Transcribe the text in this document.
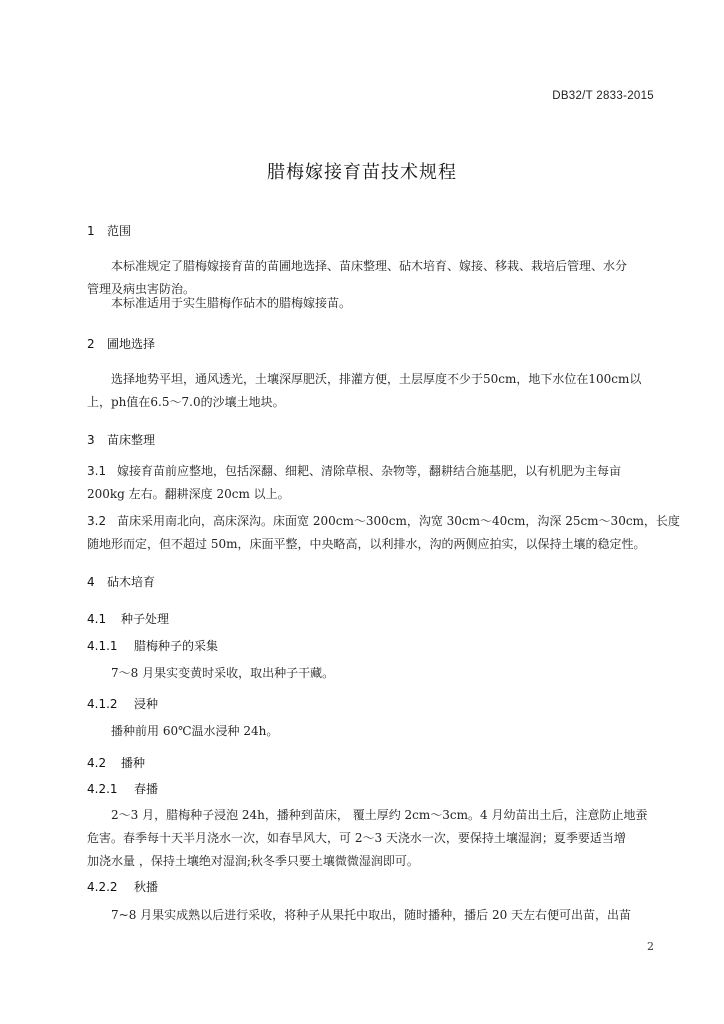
DB32/T 2833-2015
腊梅嫁接育苗技术规程
1 范围
本标准规定了腊梅嫁接育苗的苗圃地选择、苗床整理、砧木培育、嫁接、移栽、栽培后管理、水分
管理及病虫害防治。
本标准适用于实生腊梅作砧木的腊梅嫁接苗。
2 圃地选择
选择地势平坦，通风透光，土壤深厚肥沃，排灌方便，土层厚度不少于50cm，地下水位在100cm以
上，ph值在6.5～7.0的沙壤土地块。
3 苗床整理
3.1 嫁接育苗前应整地，包括深翻、细耙、清除草根、杂物等，翻耕结合施基肥，以有机肥为主每亩
200kg 左右。翻耕深度 20cm 以上。
3.2 苗床采用南北向，高床深沟。床面宽 200cm～300cm，沟宽 30cm～40cm，沟深 25cm～30cm，长度
随地形而定，但不超过 50m，床面平整，中央略高，以利排水，沟的两侧应拍实，以保持土壤的稳定性。
4 砧木培育
4.1 种子处理
4.1.1 腊梅种子的采集
7～8 月果实变黄时采收，取出种子干藏。
4.1.2 浸种
播种前用 60℃温水浸种 24h。
4.2 播种
4.2.1 春播
2～3 月，腊梅种子浸泡 24h，播种到苗床， 覆土厚约 2cm～3cm。4 月幼苗出土后，注意防止地蚕
危害。春季每十天半月浇水一次，如春旱风大，可 2～3 天浇水一次，要保持土壤湿润；夏季要适当增
加浇水量 ，保持土壤绝对湿润;秋冬季只要土壤微微湿润即可。
4.2.2 秋播
7~8 月果实成熟以后进行采收，将种子从果托中取出，随时播种，播后 20 天左右便可出苗，出苗
2
